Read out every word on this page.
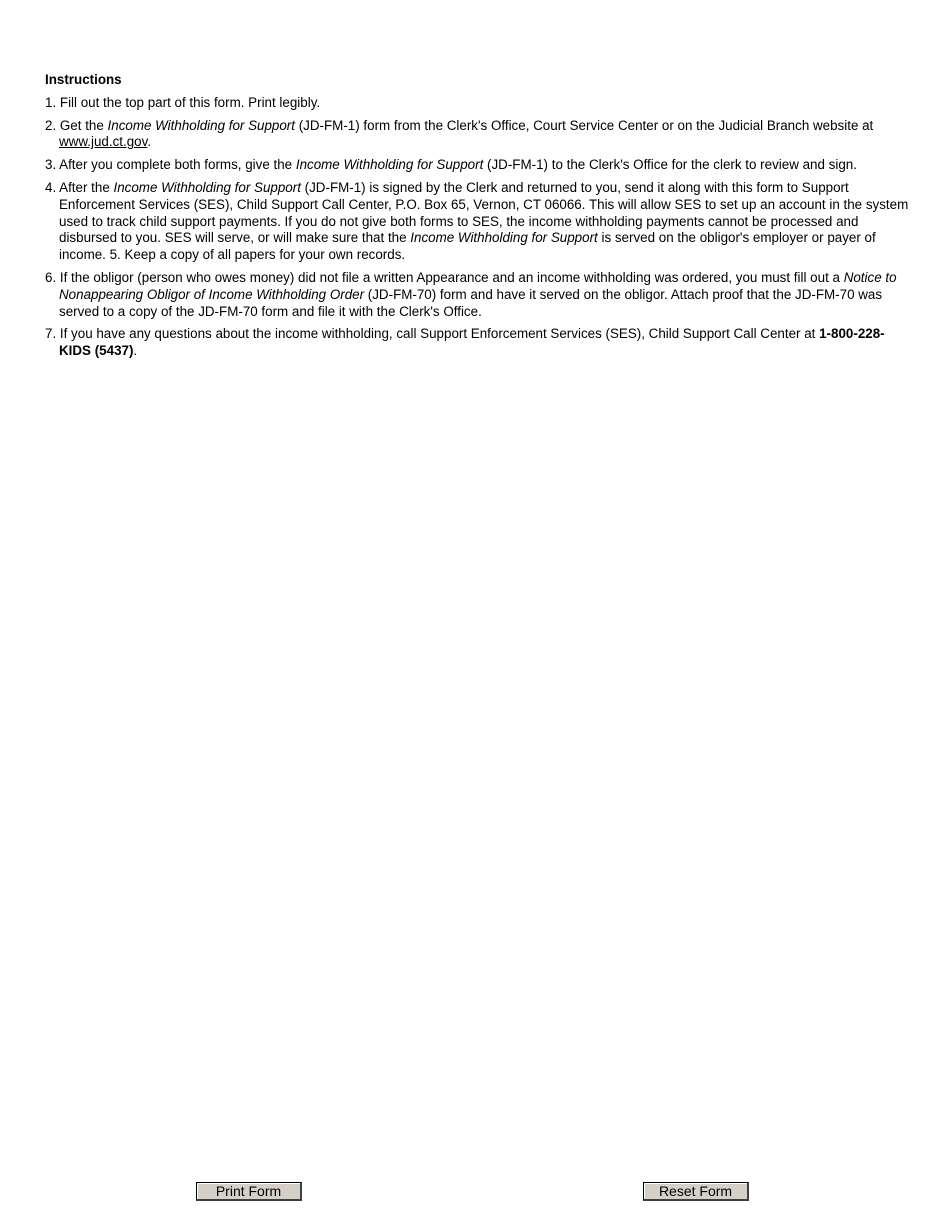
Instructions
1. Fill out the top part of this form. Print legibly.
2. Get the Income Withholding for Support (JD-FM-1) form from the Clerk's Office, Court Service Center or on the Judicial Branch website at www.jud.ct.gov.
3. After you complete both forms, give the Income Withholding for Support (JD-FM-1) to the Clerk's Office for the clerk to review and sign.
4. After the Income Withholding for Support (JD-FM-1) is signed by the Clerk and returned to you, send it along with this form to Support Enforcement Services (SES), Child Support Call Center, P.O. Box 65, Vernon, CT 06066. This will allow SES to set up an account in the system used to track child support payments. If you do not give both forms to SES, the income withholding payments cannot be processed and disbursed to you. SES will serve, or will make sure that the Income Withholding for Support is served on the obligor's employer or payer of income. 5. Keep a copy of all papers for your own records.
6. If the obligor (person who owes money) did not file a written Appearance and an income withholding was ordered, you must fill out a Notice to Nonappearing Obligor of Income Withholding Order (JD-FM-70) form and have it served on the obligor. Attach proof that the JD-FM-70 was served to a copy of the JD-FM-70 form and file it with the Clerk's Office.
7. If you have any questions about the income withholding, call Support Enforcement Services (SES), Child Support Call Center at 1-800-228-KIDS (5437).
Print Form	Reset Form
